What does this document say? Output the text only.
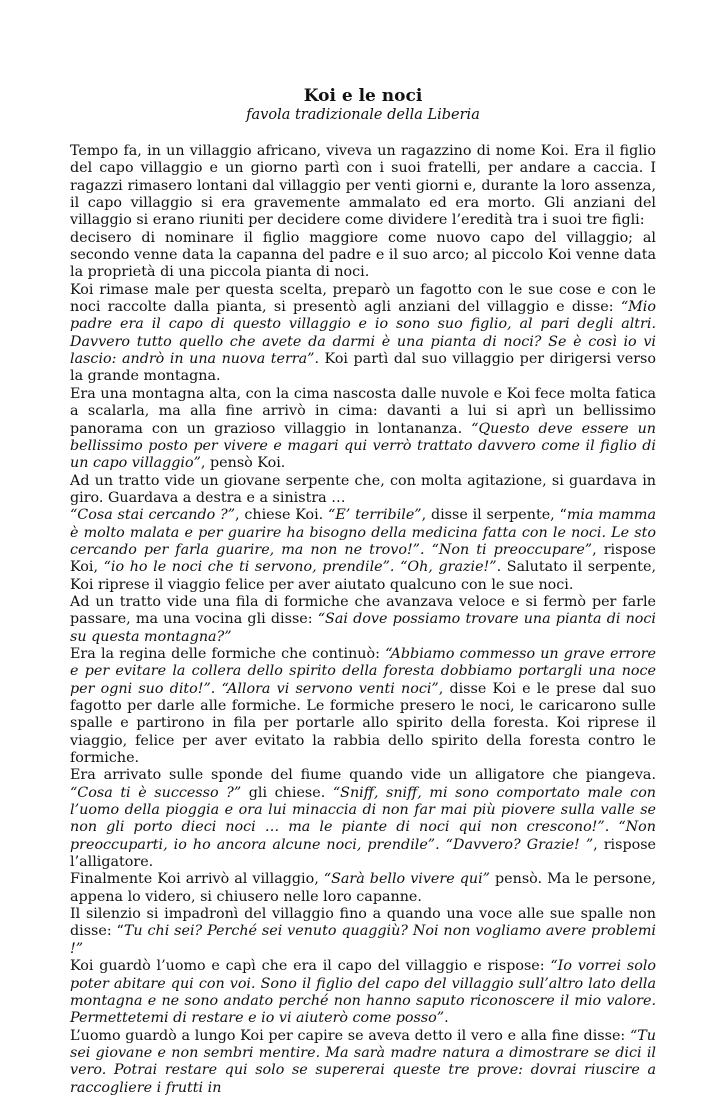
Koi e le noci
favola tradizionale della Liberia

Tempo fa, in un villaggio africano, viveva un ragazzino di nome Koi. Era il figlio del capo villaggio e un giorno partì con i suoi fratelli, per andare a caccia. I ragazzi rimasero lontani dal villaggio per venti giorni e, durante la loro assenza, il capo villaggio si era gravemente ammalato ed era morto. Gli anziani del villaggio si erano riuniti per decidere come dividere l’eredità tra i suoi tre figli:

decisero di nominare il figlio maggiore come nuovo capo del villaggio; al secondo venne data la capanna del padre e il suo arco; al piccolo Koi venne data la proprietà di una piccola pianta di noci.

Koi rimase male per questa scelta, preparò un fagotto con le sue cose e con le noci raccolte dalla pianta, si presentò agli anziani del villaggio e disse: “Mio padre era il capo di questo villaggio e io sono suo figlio, al pari degli altri. Davvero tutto quello che avete da darmi è una pianta di noci? Se è così io vi lascio: andrò in una nuova terra”. Koi partì dal suo villaggio per dirigersi verso la grande montagna.

Era una montagna alta, con la cima nascosta dalle nuvole e Koi fece molta fatica a scalarla, ma alla fine arrivò in cima: davanti a lui si aprì un bellissimo panorama con un grazioso villaggio in lontananza. “Questo deve essere un bellissimo posto per vivere e magari qui verrò trattato davvero come il figlio di un capo villaggio”, pensò Koi.

Ad un tratto vide un giovane serpente che, con molta agitazione, si guardava in giro. Guardava a destra e a sinistra …

“Cosa stai cercando ?”, chiese Koi. “E’ terribile”, disse il serpente, “mia mamma è molto malata e per guarire ha bisogno della medicina fatta con le noci. Le sto cercando per farla guarire, ma non ne trovo!”. “Non ti preoccupare”, rispose Koi, “io ho le noci che ti servono, prendile”. “Oh, grazie!”. Salutato il serpente, Koi riprese il viaggio felice per aver aiutato qualcuno con le sue noci.

Ad un tratto vide una fila di formiche che avanzava veloce e si fermò per farle passare, ma una vocina gli disse: “Sai dove possiamo trovare una pianta di noci su questa montagna?”

Era la regina delle formiche che continuò: “Abbiamo commesso un grave errore e per evitare la collera dello spirito della foresta dobbiamo portargli una noce per ogni suo dito!”. “Allora vi servono venti noci”, disse Koi e le prese dal suo fagotto per darle alle formiche. Le formiche presero le noci, le caricarono sulle spalle e partirono in fila per portarle allo spirito della foresta. Koi riprese il viaggio, felice per aver evitato la rabbia dello spirito della foresta contro le formiche.

Era arrivato sulle sponde del fiume quando vide un alligatore che piangeva. “Cosa ti è successo ?” gli chiese. “Sniff, sniff, mi sono comportato male con l’uomo della pioggia e ora lui minaccia di non far mai più piovere sulla valle se non gli porto dieci noci … ma le piante di noci qui non crescono!”. “Non preoccuparti, io ho ancora alcune noci, prendile”. “Davvero? Grazie! ”, rispose l’alligatore.

Finalmente Koi arrivò al villaggio, “Sarà bello vivere qui” pensò. Ma le persone, appena lo videro, si chiusero nelle loro capanne.

Il silenzio si impadronì del villaggio fino a quando una voce alle sue spalle non disse: “Tu chi sei? Perché sei venuto quaggiù? Noi non vogliamo avere problemi !”

Koi guardò l’uomo e capì che era il capo del villaggio e rispose: “Io vorrei solo poter abitare qui con voi. Sono il figlio del capo del villaggio sull’altro lato della montagna e ne sono andato perché non hanno saputo riconoscere il mio valore. Permettetemi di restare e io vi aiuterò come posso”.

L’uomo guardò a lungo Koi per capire se aveva detto il vero e alla fine disse: “Tu sei giovane e non sembri mentire. Ma sarà madre natura a dimostrare se dici il vero. Potrai restare qui solo se supererai queste tre prove: dovrai riuscire a raccogliere i frutti in
